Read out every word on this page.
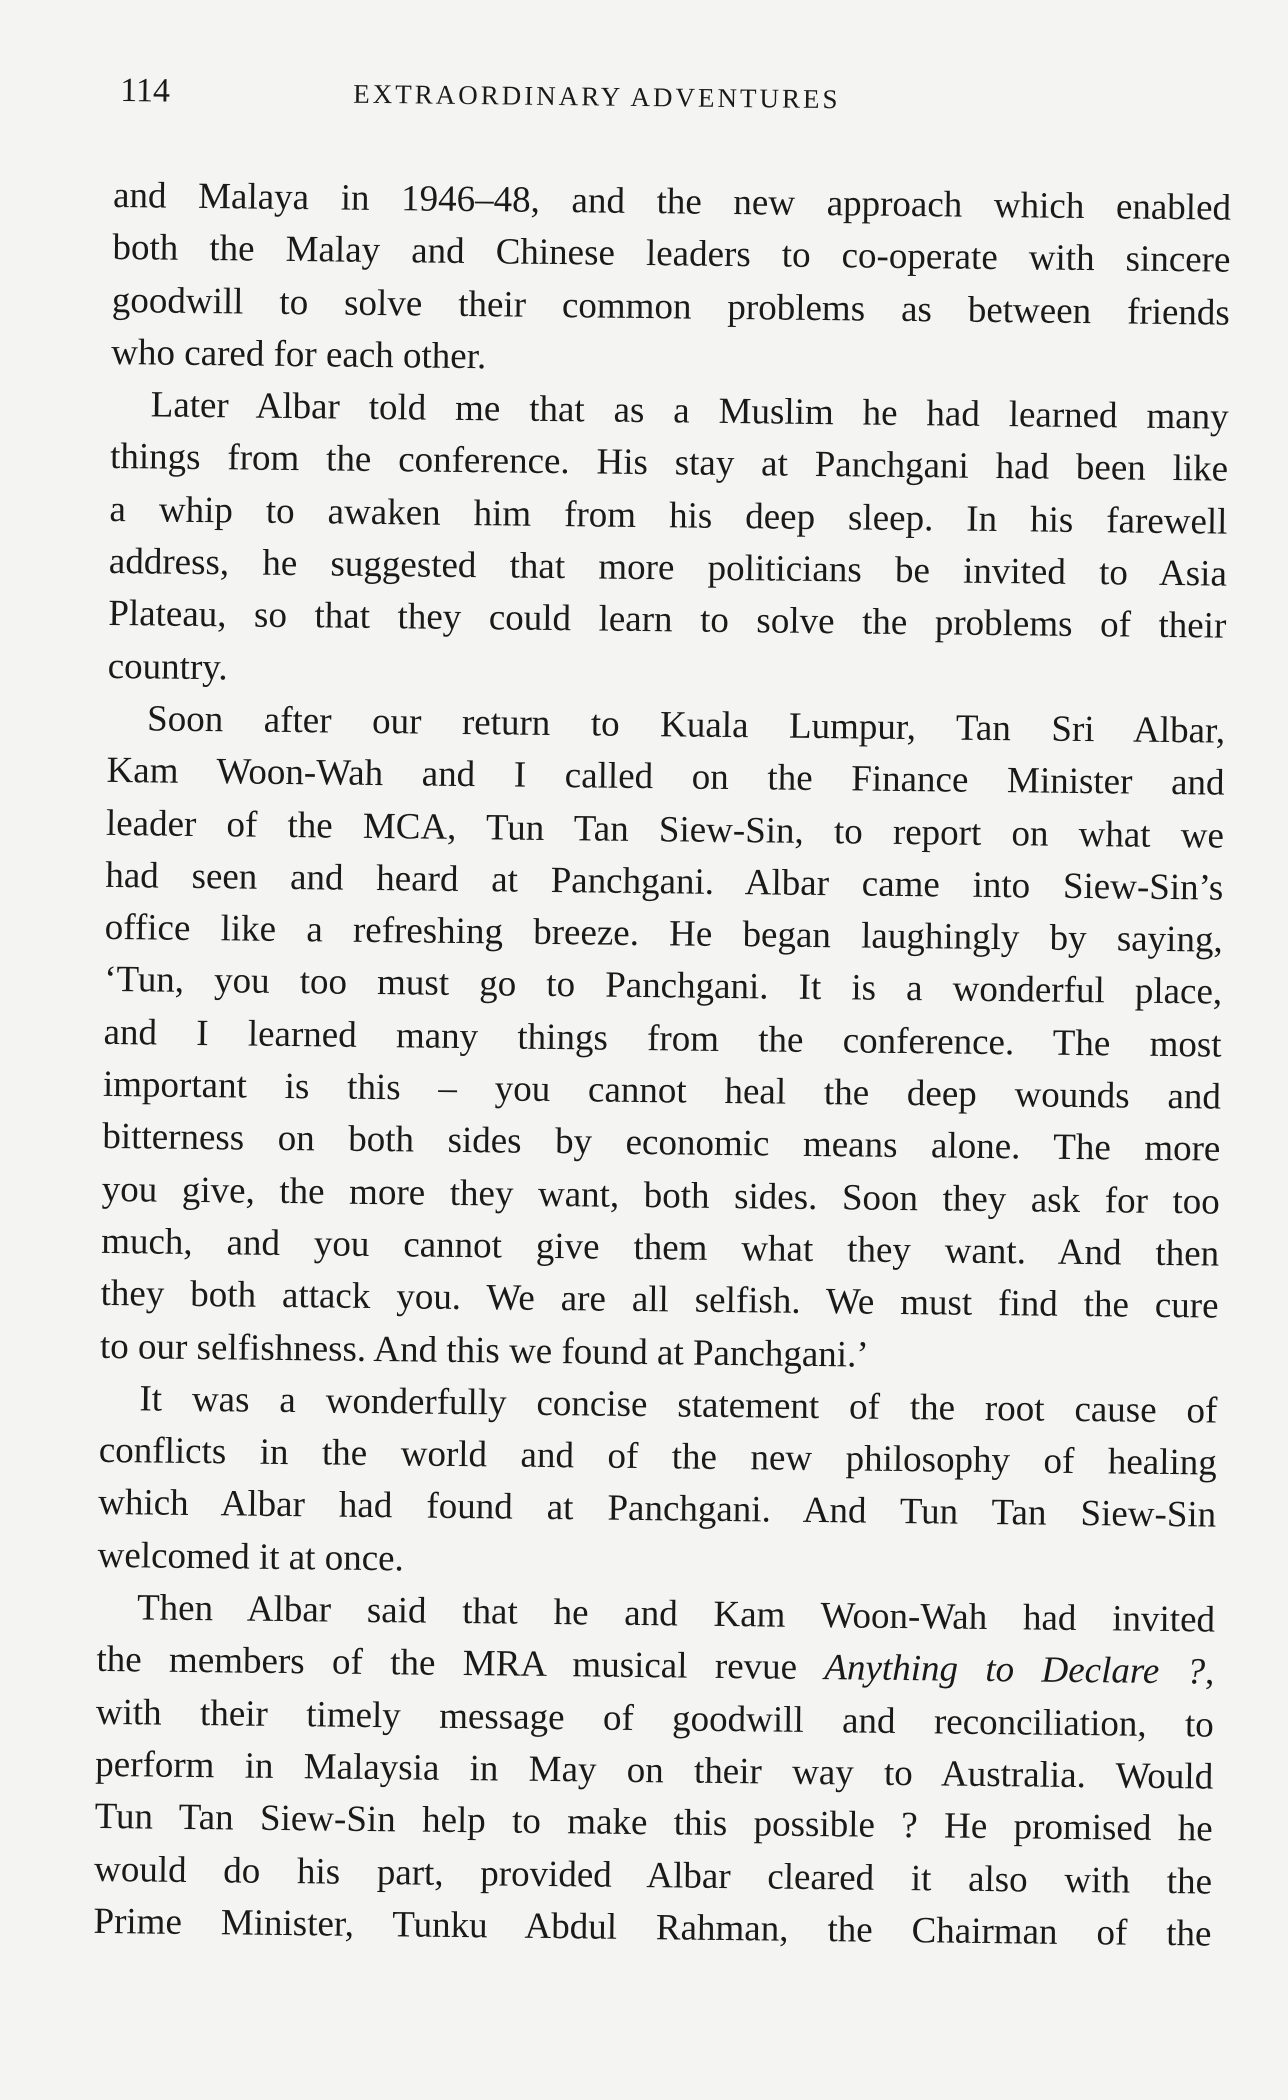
114	EXTRAORDINARY ADVENTURES
and Malaya in 1946–48, and the new approach which enabled
both the Malay and Chinese leaders to co-operate with sincere
goodwill to solve their common problems as between friends
who cared for each other.
Later Albar told me that as a Muslim he had learned many
things from the conference. His stay at Panchgani had been like
a whip to awaken him from his deep sleep. In his farewell
address, he suggested that more politicians be invited to Asia
Plateau, so that they could learn to solve the problems of their
country.
Soon after our return to Kuala Lumpur, Tan Sri Albar,
Kam Woon-Wah and I called on the Finance Minister and
leader of the MCA, Tun Tan Siew-Sin, to report on what we
had seen and heard at Panchgani. Albar came into Siew-Sin’s
office like a refreshing breeze. He began laughingly by saying,
‘Tun, you too must go to Panchgani. It is a wonderful place,
and I learned many things from the conference. The most
important is this – you cannot heal the deep wounds and
bitterness on both sides by economic means alone. The more
you give, the more they want, both sides. Soon they ask for too
much, and you cannot give them what they want. And then
they both attack you. We are all selfish. We must find the cure
to our selfishness. And this we found at Panchgani.’
It was a wonderfully concise statement of the root cause of
conflicts in the world and of the new philosophy of healing
which Albar had found at Panchgani. And Tun Tan Siew-Sin
welcomed it at once.
Then Albar said that he and Kam Woon-Wah had invited
the members of the MRA musical revue Anything to Declare ?,
with their timely message of goodwill and reconciliation, to
perform in Malaysia in May on their way to Australia. Would
Tun Tan Siew-Sin help to make this possible ? He promised he
would do his part, provided Albar cleared it also with the
Prime Minister, Tunku Abdul Rahman, the Chairman of the
